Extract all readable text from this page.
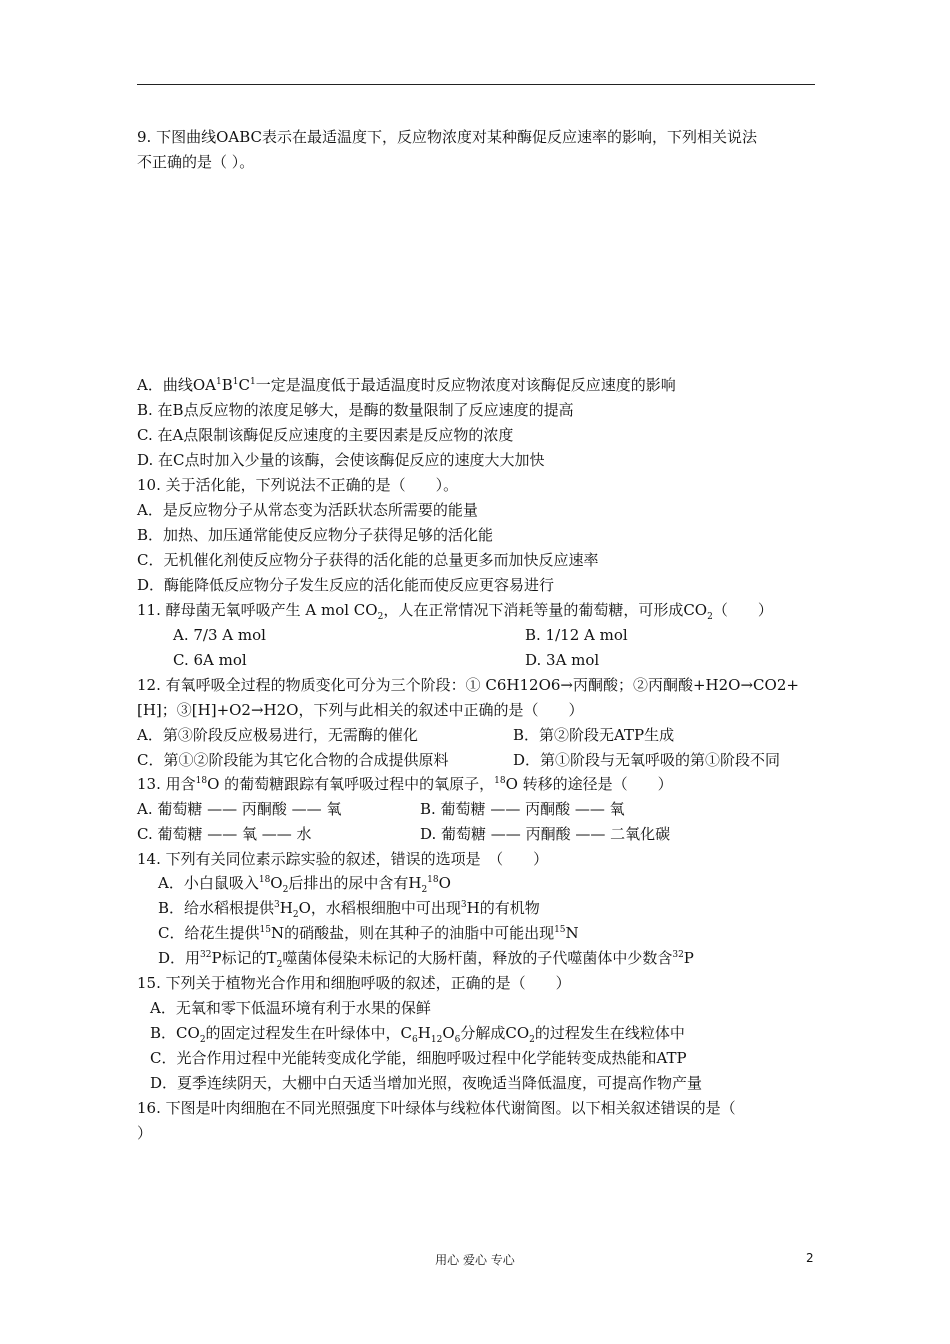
9. 下图曲线OABC表示在最适温度下，反应物浓度对某种酶促反应速率的影响，下列相关说法
不正确的是（ ）。
A．曲线$OA^1B^1C^1$一定是温度低于最适温度时反应物浓度对该酶促反应速度的影响
B. 在B点反应物的浓度足够大，是酶的数量限制了反应速度的提高
C. 在A点限制该酶促反应速度的主要因素是反应物的浓度
D. 在C点时加入少量的该酶，会使该酶促反应的速度大大加快
10. 关于活化能，下列说法不正确的是（　　）。
A．是反应物分子从常态变为活跃状态所需要的能量
B．加热、加压通常能使反应物分子获得足够的活化能
C．无机催化剂使反应物分子获得的活化能的总量更多而加快反应速率
D．酶能降低反应物分子发生反应的活化能而使反应更容易进行
11. 酵母菌无氧呼吸产生 A mol $CO_2$，人在正常情况下消耗等量的葡萄糖，可形成$CO_2$（　　）
A. 7/3 A mol	B. 1/12 A mol
C. 6A mol	D. 3A mol
12. 有氧呼吸全过程的物质变化可分为三个阶段：① C6H12O6→丙酮酸；②丙酮酸+H2O→CO2+
[H]；③[H]+O2→H2O，下列与此相关的叙述中正确的是（　　）
A．第③阶段反应极易进行，无需酶的催化	B．第②阶段无ATP生成
C．第①②阶段能为其它化合物的合成提供原料	D．第①阶段与无氧呼吸的第①阶段不同
13. 用含$^{18}$O 的葡萄糖跟踪有氧呼吸过程中的氧原子，$^{18}$O 转移的途径是（　　）
A. 葡萄糖 —— 丙酮酸 —— 氧	B. 葡萄糖 —— 丙酮酸 —— 氧
C. 葡萄糖 —— 氧 —— 水	D. 葡萄糖 —— 丙酮酸 —— 二氧化碳
14. 下列有关同位素示踪实验的叙述，错误的选项是　（　　）
A．小白鼠吸入$^{18}O_2$后排出的尿中含有$H_2^{18}O$
B．给水稻根提供$^3H_2O$，水稻根细胞中可出现$^3$H的有机物
C．给花生提供$^{15}$N的硝酸盐，则在其种子的油脂中可能出现$^{15}$N
D．用$^{32}$P标记的$T_2$噬菌体侵染未标记的大肠杆菌，释放的子代噬菌体中少数含$^{32}$P
15. 下列关于植物光合作用和细胞呼吸的叙述，正确的是（　　）
A．无氧和零下低温环境有利于水果的保鲜
B．$CO_2$的固定过程发生在叶绿体中，$C_6H_{12}O_6$分解成$CO_2$的过程发生在线粒体中
C．光合作用过程中光能转变成化学能，细胞呼吸过程中化学能转变成热能和ATP
D．夏季连续阴天，大棚中白天适当增加光照，夜晚适当降低温度，可提高作物产量
16. 下图是叶肉细胞在不同光照强度下叶绿体与线粒体代谢简图。以下相关叙述错误的是（
）
用心 爱心 专心	2
